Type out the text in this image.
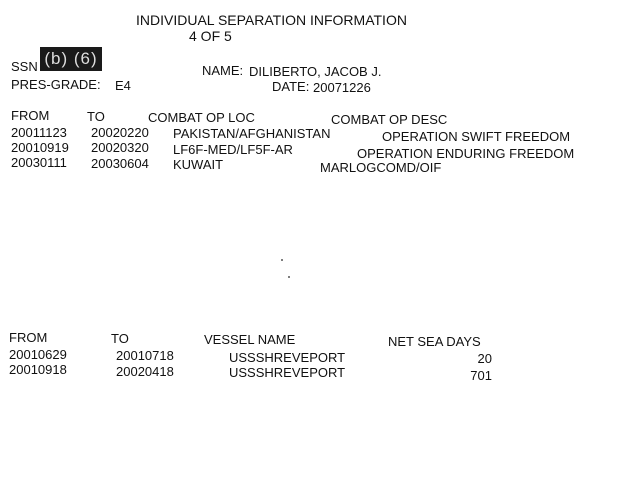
INDIVIDUAL SEPARATION INFORMATION
4 OF 5
SSN (b) (6)
PRES-GRADE: E4
NAME: DILIBERTO, JACOB J.
DATE: 20071226
FROM	TO	COMBAT OP LOC	COMBAT OP DESC
20011123 20020220 PAKISTAN/AFGHANISTAN	OPERATION SWIFT FREEDOM
20010919 20020320 LF6F-MED/LF5F-AR	OPERATION ENDURING FREEDOM
20030111 20030604 KUWAIT	MARLOGCOMD/OIF
FROM	TO	VESSEL NAME	NET SEA DAYS
20010629	20010718	USSSHREVEPORT	20
20010918	20020418	USSSHREVEPORT	701
